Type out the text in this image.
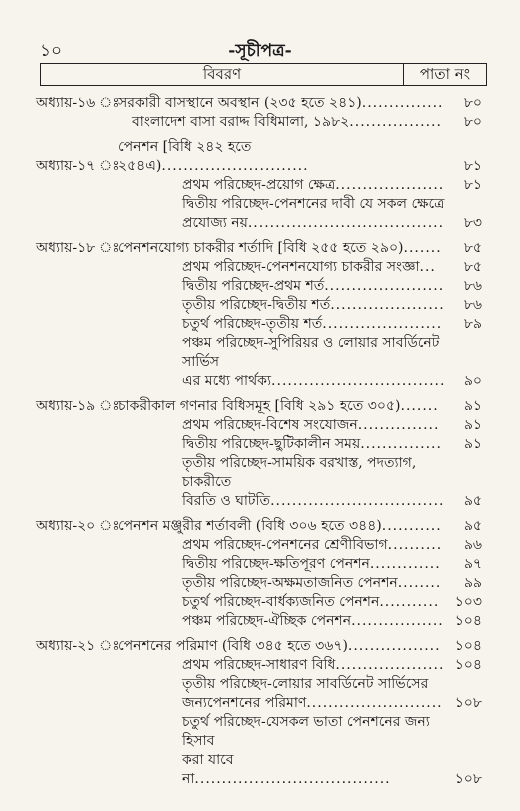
১০	-সূচীপত্র-
বিবরণ	পাতা নং
অধ্যায়-১৬ ঃ
সরকারী বাসস্থানে অবস্থান (২৩৫ হতে ২৪১)...............	৮০
বাংলাদেশ বাসা বরাদ্দ বিধিমালা, ১৯৮২.................	৮০
অধ্যায়-১৭ ঃ
পেনশন [বিধি ২৪২ হতে ২৫৪এ)...........................	৮১
প্রথম পরিচ্ছেদ-প্রয়োগ ক্ষেত্র....................	৮১
দ্বিতীয় পরিচ্ছেদ-পেনশনের দাবী যে সকল ক্ষেত্রে
প্রযোজ্য নয়....................................	৮৩
অধ্যায়-১৮ ঃ
পেনশনযোগ্য চাকরীর শর্তাদি [বিধি ২৫৫ হতে ২৯০).......	৮৫
প্রথম পরিচ্ছেদ-পেনশনযোগ্য চাকরীর সংজ্ঞা...	৮৫
দ্বিতীয় পরিচ্ছেদ-প্রথম শর্ত......................	৮৬
তৃতীয় পরিচ্ছেদ-দ্বিতীয় শর্ত.....................	৮৬
চতুর্থ পরিচ্ছেদ-তৃতীয় শর্ত......................	৮৯
পঞ্চম পরিচ্ছেদ-সুপিরিয়র ও লোয়ার সাবর্ডিনেট সার্ভিস
এর মধ্যে পার্থক্য................................	৯০
অধ্যায়-১৯ ঃ
চাকরীকাল গণনার বিধিসমূহ [বিধি ২৯১ হতে ৩০৫).......	৯১
প্রথম পরিচ্ছেদ-বিশেষ সংযোজন...............	৯১
দ্বিতীয় পরিচ্ছেদ-ছুটিকালীন সময়...............	৯১
তৃতীয় পরিচ্ছেদ-সাময়িক বরখাস্ত, পদত্যাগ, চাকরীতে
বিরতি ও ঘাটতি................................	৯৫
অধ্যায়-২০ ঃ
পেনশন মঞ্জুরীর শর্তাবলী (বিধি ৩০৬ হতে ৩৪৪)...........	৯৫
প্রথম পরিচ্ছেদ-পেনশনের শ্রেণীবিভাগ..........	৯৬
দ্বিতীয় পরিচ্ছেদ-ক্ষতিপূরণ পেনশন.............	৯৭
তৃতীয় পরিচ্ছেদ-অক্ষমতাজনিত পেনশন........	৯৯
চতুর্থ পরিচ্ছেদ-বার্ধক্যজনিত পেনশন...........	১০৩
পঞ্চম পরিচ্ছেদ-ঐচ্ছিক পেনশন................. ১০৪
অধ্যায়-২১ ঃ
পেনশনের পরিমাণ (বিধি ৩৪৫ হতে ৩৬৭).................	১০৪
প্রথম পরিচ্ছেদ-সাধারণ বিধি.................... ১০৪
তৃতীয় পরিচ্ছেদ-লোয়ার সাবর্ডিনেট সার্ভিসের
জন্যপেনশনের পরিমাণ......................... ১০৮
চতুর্থ পরিচ্ছেদ-যেসকল ভাতা পেনশনের জন্য হিসাব
করা যাবে না....................................	১০৮
